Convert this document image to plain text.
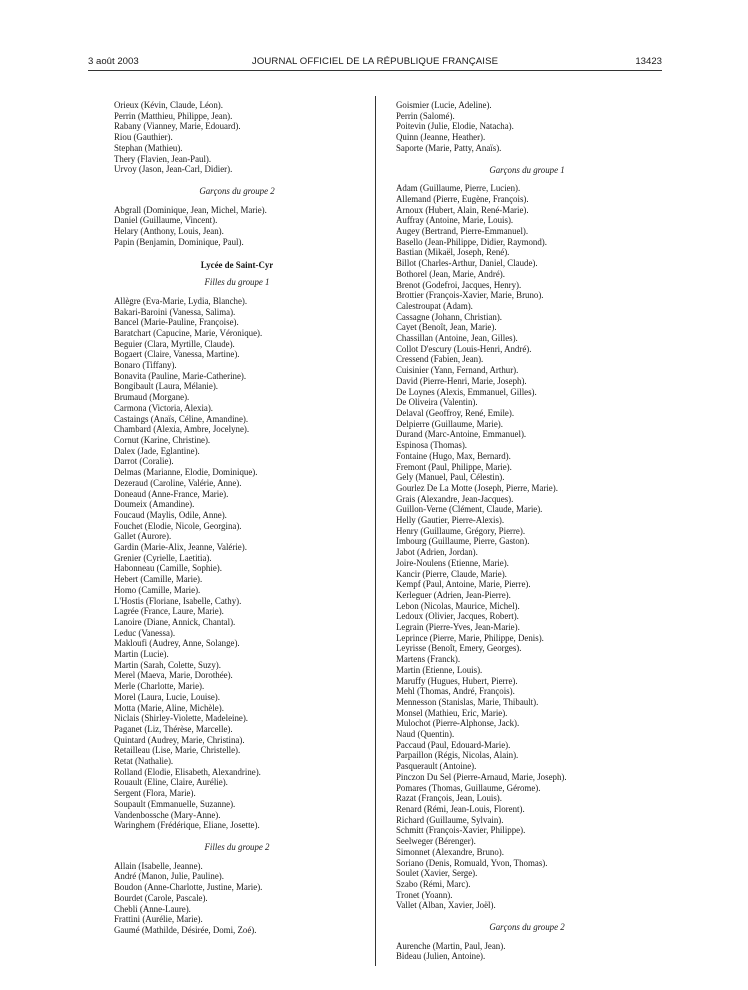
3 août 2003	JOURNAL OFFICIEL DE LA RÉPUBLIQUE FRANÇAISE	13423

Orieux (Kévin, Claude, Léon).

Perrin (Matthieu, Philippe, Jean).

Rabany (Vianney, Marie, Edouard).

Riou (Gauthier).

Stephan (Mathieu).

Thery (Flavien, Jean-Paul).

Urvoy (Jason, Jean-Carl, Didier).

Garçons du groupe 2

Abgrall (Dominique, Jean, Michel, Marie).

Daniel (Guillaume, Vincent).

Helary (Anthony, Louis, Jean).

Papin (Benjamin, Dominique, Paul).

Lycée de Saint-Cyr

Filles du groupe 1

Allègre (Eva-Marie, Lydia, Blanche).

Bakari-Baroini (Vanessa, Salima).

Bancel (Marie-Pauline, Françoise).

Baratchart (Capucine, Marie, Véronique).

Beguier (Clara, Myrtille, Claude).

Bogaert (Claire, Vanessa, Martine).

Bonaro (Tiffany).

Bonavita (Pauline, Marie-Catherine).

Bongibault (Laura, Mélanie).

Brumaud (Morgane).

Carmona (Victoria, Alexia).

Castaings (Anaïs, Céline, Amandine).

Chambard (Alexia, Ambre, Jocelyne).

Cornut (Karine, Christine).

Dalex (Jade, Eglantine).

Darrot (Coralie).

Delmas (Marianne, Elodie, Dominique).

Dezeraud (Caroline, Valérie, Anne).

Doneaud (Anne-France, Marie).

Doumeix (Amandine).

Foucaud (Maylis, Odile, Anne).

Fouchet (Elodie, Nicole, Georgina).

Gallet (Aurore).

Gardin (Marie-Alix, Jeanne, Valérie).

Grenier (Cyrielle, Laetitia).

Habonneau (Camille, Sophie).

Hebert (Camille, Marie).

Homo (Camille, Marie).

L'Hostis (Floriane, Isabelle, Cathy).

Lagrée (France, Laure, Marie).

Lanoire (Diane, Annick, Chantal).

Leduc (Vanessa).

Makloufi (Audrey, Anne, Solange).

Martin (Lucie).

Martin (Sarah, Colette, Suzy).

Merel (Maeva, Marie, Dorothée).

Merle (Charlotte, Marie).

Morel (Laura, Lucie, Louise).

Motta (Marie, Aline, Michèle).

Niclais (Shirley-Violette, Madeleine).

Paganet (Liz, Thérèse, Marcelle).

Quintard (Audrey, Marie, Christina).

Retailleau (Lise, Marie, Christelle).

Retat (Nathalie).

Rolland (Elodie, Elisabeth, Alexandrine).

Rouault (Eline, Claire, Aurélie).

Sergent (Flora, Marie).

Soupault (Emmanuelle, Suzanne).

Vandenbossche (Mary-Anne).

Waringhem (Frédérique, Eliane, Josette).

Filles du groupe 2

Allain (Isabelle, Jeanne).

André (Manon, Julie, Pauline).

Boudon (Anne-Charlotte, Justine, Marie).

Bourdet (Carole, Pascale).

Chebli (Anne-Laure).

Frattini (Aurélie, Marie).

Gaumé (Mathilde, Désirée, Domi, Zoé).

Goismier (Lucie, Adeline).

Perrin (Salomé).

Poitevin (Julie, Elodie, Natacha).

Quinn (Jeanne, Heather).

Saporte (Marie, Patty, Anaïs).

Garçons du groupe 1

Adam (Guillaume, Pierre, Lucien).

Allemand (Pierre, Eugène, François).

Arnoux (Hubert, Alain, René-Marie).

Auffray (Antoine, Marie, Louis).

Augey (Bertrand, Pierre-Emmanuel).

Basello (Jean-Philippe, Didier, Raymond).

Bastian (Mikaël, Joseph, René).

Billot (Charles-Arthur, Daniel, Claude).

Bothorel (Jean, Marie, André).

Brenot (Godefroi, Jacques, Henry).

Brottier (François-Xavier, Marie, Bruno).

Calestroupat (Adam).

Cassagne (Johann, Christian).

Cayet (Benoît, Jean, Marie).

Chassillan (Antoine, Jean, Gilles).

Collot D'escury (Louis-Henri, André).

Cressend (Fabien, Jean).

Cuisinier (Yann, Fernand, Arthur).

David (Pierre-Henri, Marie, Joseph).

De Loynes (Alexis, Emmanuel, Gilles).

De Oliveira (Valentin).

Delaval (Geoffroy, René, Emile).

Delpierre (Guillaume, Marie).

Durand (Marc-Antoine, Emmanuel).

Espinosa (Thomas).

Fontaine (Hugo, Max, Bernard).

Fremont (Paul, Philippe, Marie).

Gely (Manuel, Paul, Célestin).

Gourlez De La Motte (Joseph, Pierre, Marie).

Grais (Alexandre, Jean-Jacques).

Guillon-Verne (Clément, Claude, Marie).

Helly (Gautier, Pierre-Alexis).

Henry (Guillaume, Grégory, Pierre).

Imbourg (Guillaume, Pierre, Gaston).

Jabot (Adrien, Jordan).

Joire-Noulens (Etienne, Marie).

Kancir (Pierre, Claude, Marie).

Kempf (Paul, Antoine, Marie, Pierre).

Kerleguer (Adrien, Jean-Pierre).

Lebon (Nicolas, Maurice, Michel).

Ledoux (Olivier, Jacques, Robert).

Legrain (Pierre-Yves, Jean-Marie).

Leprince (Pierre, Marie, Philippe, Denis).

Leyrisse (Benoît, Emery, Georges).

Martens (Franck).

Martin (Etienne, Louis).

Maruffy (Hugues, Hubert, Pierre).

Mehl (Thomas, André, François).

Mennesson (Stanislas, Marie, Thibault).

Monsel (Mathieu, Eric, Marie).

Mulochot (Pierre-Alphonse, Jack).

Naud (Quentin).

Paccaud (Paul, Edouard-Marie).

Parpaillon (Régis, Nicolas, Alain).

Pasquerault (Antoine).

Pinczon Du Sel (Pierre-Arnaud, Marie, Joseph).

Pomares (Thomas, Guillaume, Gérome).

Razat (François, Jean, Louis).

Renard (Rémi, Jean-Louis, Florent).

Richard (Guillaume, Sylvain).

Schmitt (François-Xavier, Philippe).

Seelweger (Bérenger).

Simonnet (Alexandre, Bruno).

Soriano (Denis, Romuald, Yvon, Thomas).

Soulet (Xavier, Serge).

Szabo (Rémi, Marc).

Tronet (Yoann).

Vallet (Alban, Xavier, Joël).

Garçons du groupe 2

Aurenche (Martin, Paul, Jean).

Bideau (Julien, Antoine).
